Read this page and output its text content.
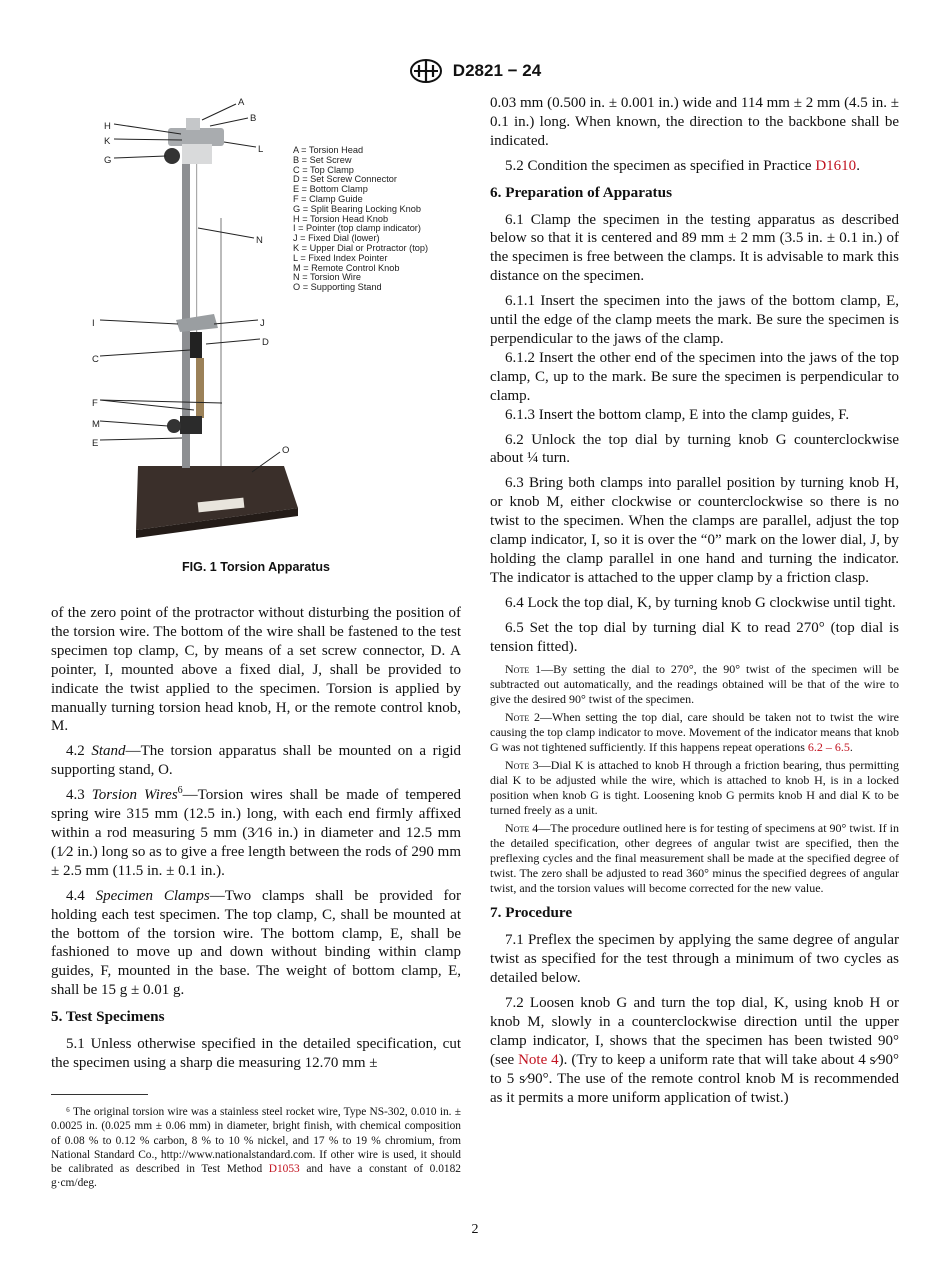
D2821 − 24
A
B
H
K
G
L
N
I	J
D
C
F
M
E
O
A = Torsion Head
B = Set Screw
C = Top Clamp
D = Set Screw Connector
E = Bottom Clamp
F = Clamp Guide
G = Split Bearing Locking Knob
H = Torsion Head Knob
I = Pointer (top clamp indicator)
J = Fixed Dial (lower)
K = Upper Dial or Protractor (top)
L = Fixed Index Pointer
M = Remote Control Knob
N = Torsion Wire
O = Supporting Stand
FIG. 1 Torsion Apparatus

of the zero point of the protractor without disturbing the position of the torsion wire. The bottom of the wire shall be fastened to the test specimen top clamp, C, by means of a set screw connector, D. A pointer, I, mounted above a fixed dial, J, shall be provided to indicate the twist applied to the specimen. Torsion is applied by manually turning torsion head knob, H, or the remote control knob, M.

4.2 Stand—The torsion apparatus shall be mounted on a rigid supporting stand, O.

4.3 Torsion Wires$^6$—Torsion wires shall be made of tempered spring wire 315 mm (12.5 in.) long, with each end firmly affixed within a rod measuring 5 mm (3⁄16 in.) in diameter and 12.5 mm (1⁄2 in.) long so as to give a free length between the rods of 290 mm ± 2.5 mm (11.5 in. ± 0.1 in.).

4.4 Specimen Clamps—Two clamps shall be provided for holding each test specimen. The top clamp, C, shall be mounted at the bottom of the torsion wire. The bottom clamp, E, shall be fashioned to move up and down without binding within clamp guides, F, mounted in the base. The weight of bottom clamp, E, shall be 15 g ± 0.01 g.

5. Test Specimens

5.1 Unless otherwise specified in the detailed specification, cut the specimen using a sharp die measuring 12.70 mm ±

⁶ The original torsion wire was a stainless steel rocket wire, Type NS-302, 0.010 in. ± 0.0025 in. (0.025 mm ± 0.06 mm) in diameter, bright finish, with chemical composition of 0.08 % to 0.12 % carbon, 8 % to 10 % nickel, and 17 % to 19 % chromium, from National Standard Co., http://www.nationalstandard.com. If other wire is used, it should be calibrated as described in Test Method D1053 and have a constant of 0.0182 g·cm/deg.

0.03 mm (0.500 in. ± 0.001 in.) wide and 114 mm ± 2 mm (4.5 in. ± 0.1 in.) long. When known, the direction to the backbone shall be indicated.

5.2 Condition the specimen as specified in Practice D1610.

6. Preparation of Apparatus

6.1 Clamp the specimen in the testing apparatus as described below so that it is centered and 89 mm ± 2 mm (3.5 in. ± 0.1 in.) of the specimen is free between the clamps. It is advisable to mark this distance on the specimen.

6.1.1 Insert the specimen into the jaws of the bottom clamp, E, until the edge of the clamp meets the mark. Be sure the specimen is perpendicular to the jaws of the clamp.

6.1.2 Insert the other end of the specimen into the jaws of the top clamp, C, up to the mark. Be sure the specimen is perpendicular to clamp.

6.1.3 Insert the bottom clamp, E into the clamp guides, F.

6.2 Unlock the top dial by turning knob G counterclockwise about ¼ turn.

6.3 Bring both clamps into parallel position by turning knob H, or knob M, either clockwise or counterclockwise so there is no twist to the specimen. When the clamps are parallel, adjust the top clamp indicator, I, so it is over the “0” mark on the lower dial, J, by holding the clamp parallel in one hand and turning the indicator. The indicator is attached to the upper clamp by a friction clasp.

6.4 Lock the top dial, K, by turning knob G clockwise until tight.

6.5 Set the top dial by turning dial K to read 270° (top dial is tension fitted).

Note 1—By setting the dial to 270°, the 90° twist of the specimen will be subtracted out automatically, and the readings obtained will be that of the wire to give the desired 90° twist of the specimen.

Note 2—When setting the top dial, care should be taken not to twist the wire causing the top clamp indicator to move. Movement of the indicator means that knob G was not tightened sufficiently. If this happens repeat operations 6.2 – 6.5.

Note 3—Dial K is attached to knob H through a friction bearing, thus permitting dial K to be adjusted while the wire, which is attached to knob H, is in a locked position when knob G is tight. Loosening knob G permits knob H and dial K to be turned freely as a unit.

Note 4—The procedure outlined here is for testing of specimens at 90° twist. If in the detailed specification, other degrees of angular twist are specified, then the preflexing cycles and the final measurement shall be made at the specified degree of twist. The zero shall be adjusted to read 360° minus the specified degrees of angular twist, and the torsion values will become corrected for the new value.

7. Procedure

7.1 Preflex the specimen by applying the same degree of angular twist as specified for the test through a minimum of two cycles as detailed below.

7.2 Loosen knob G and turn the top dial, K, using knob H or knob M, slowly in a counterclockwise direction until the upper clamp indicator, I, shows that the specimen has been twisted 90° (see Note 4). (Try to keep a uniform rate that will take about 4 s⁄90° to 5 s⁄90°. The use of the remote control knob M is recommended as it permits a more uniform application of twist.)

2
